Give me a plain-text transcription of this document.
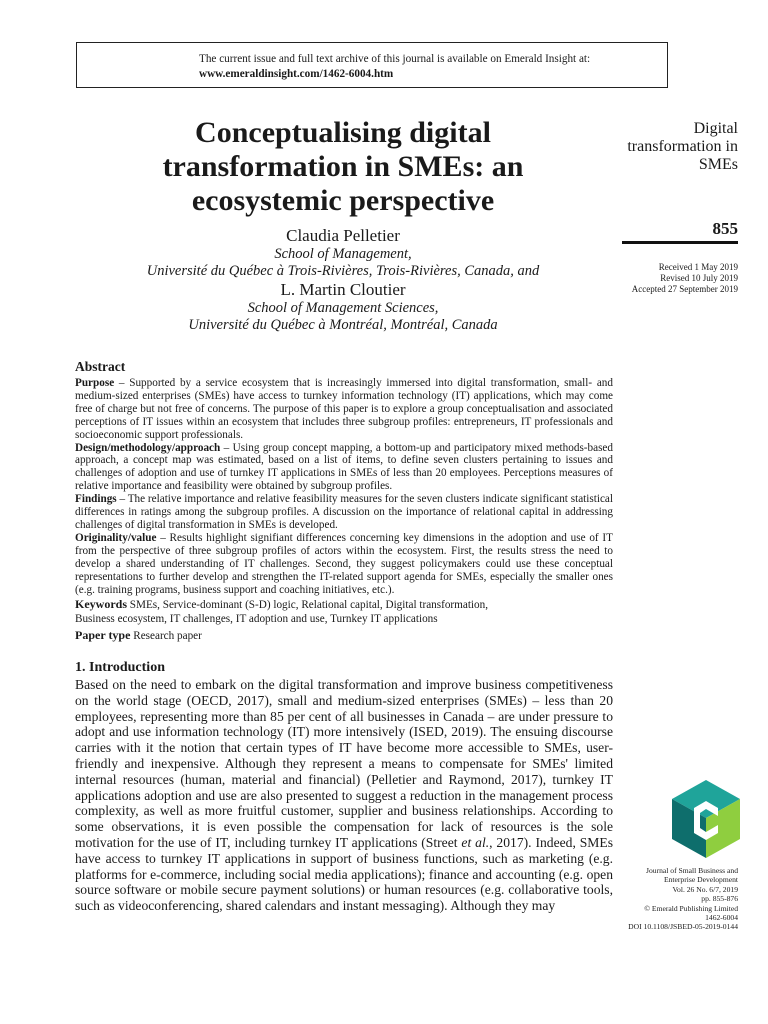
The current issue and full text archive of this journal is available on Emerald Insight at:
www.emeraldinsight.com/1462-6004.htm
Conceptualising digital transformation in SMEs: an ecosystemic perspective
Digital transformation in SMEs
855
Received 1 May 2019
Revised 10 July 2019
Accepted 27 September 2019
Claudia Pelletier
School of Management,
Université du Québec à Trois-Rivières, Trois-Rivières, Canada, and
L. Martin Cloutier
School of Management Sciences,
Université du Québec à Montréal, Montréal, Canada
Abstract

Purpose – Supported by a service ecosystem that is increasingly immersed into digital transformation, small- and medium-sized enterprises (SMEs) have access to turnkey information technology (IT) applications, which may come free of charge but not free of concerns. The purpose of this paper is to explore a group conceptualisation and associated perceptions of IT issues within an ecosystem that includes three subgroup profiles: entrepreneurs, IT professionals and socioeconomic support professionals.

Design/methodology/approach – Using group concept mapping, a bottom-up and participatory mixed methods-based approach, a concept map was estimated, based on a list of items, to define seven clusters pertaining to issues and challenges of adoption and use of turnkey IT applications in SMEs of less than 20 employees. Perceptions measures of relative importance and feasibility were obtained by subgroup profiles.

Findings – The relative importance and relative feasibility measures for the seven clusters indicate significant statistical differences in ratings among the subgroup profiles. A discussion on the importance of relational capital in addressing challenges of digital transformation in SMEs is developed.

Originality/value – Results highlight signifiant differences concerning key dimensions in the adoption and use of IT from the perspective of three subgroup profiles of actors within the ecosystem. First, the results stress the need to develop a shared understanding of IT challenges. Second, they suggest policymakers could use these conceptual representations to further develop and strengthen the IT-related support agenda for SMEs, especially the smaller ones (e.g. training programs, business support and coaching initiatives, etc.).

Keywords SMEs, Service-dominant (S-D) logic, Relational capital, Digital transformation,
Business ecosystem, IT challenges, IT adoption and use, Turnkey IT applications
Paper type Research paper
1. Introduction

Based on the need to embark on the digital transformation and improve business competitiveness on the world stage (OECD, 2017), small and medium-sized enterprises (SMEs) – less than 20 employees, representing more than 85 per cent of all businesses in Canada – are under pressure to adopt and use information technology (IT) more intensively (ISED, 2019). The ensuing discourse carries with it the notion that certain types of IT have become more accessible to SMEs, user-friendly and inexpensive. Although they represent a means to compensate for SMEs' limited internal resources (human, material and financial) (Pelletier and Raymond, 2017), turnkey IT applications adoption and use are also presented to suggest a reduction in the management process complexity, as well as more fruitful customer, supplier and business relationships. According to some observations, it is even possible the compensation for lack of resources is the sole motivation for the use of IT, including turnkey IT applications (Street et al., 2017). Indeed, SMEs have access to turnkey IT applications in support of business functions, such as marketing (e.g. platforms for e-commerce, including social media applications); finance and accounting (e.g. open source software or mobile secure payment solutions) or human resources (e.g. collaborative tools, such as videoconferencing, shared calendars and instant messaging). Although they may

Journal of Small Business and
Enterprise Development
Vol. 26 No. 6/7, 2019
pp. 855-876
© Emerald Publishing Limited
1462-6004
DOI 10.1108/JSBED-05-2019-0144
